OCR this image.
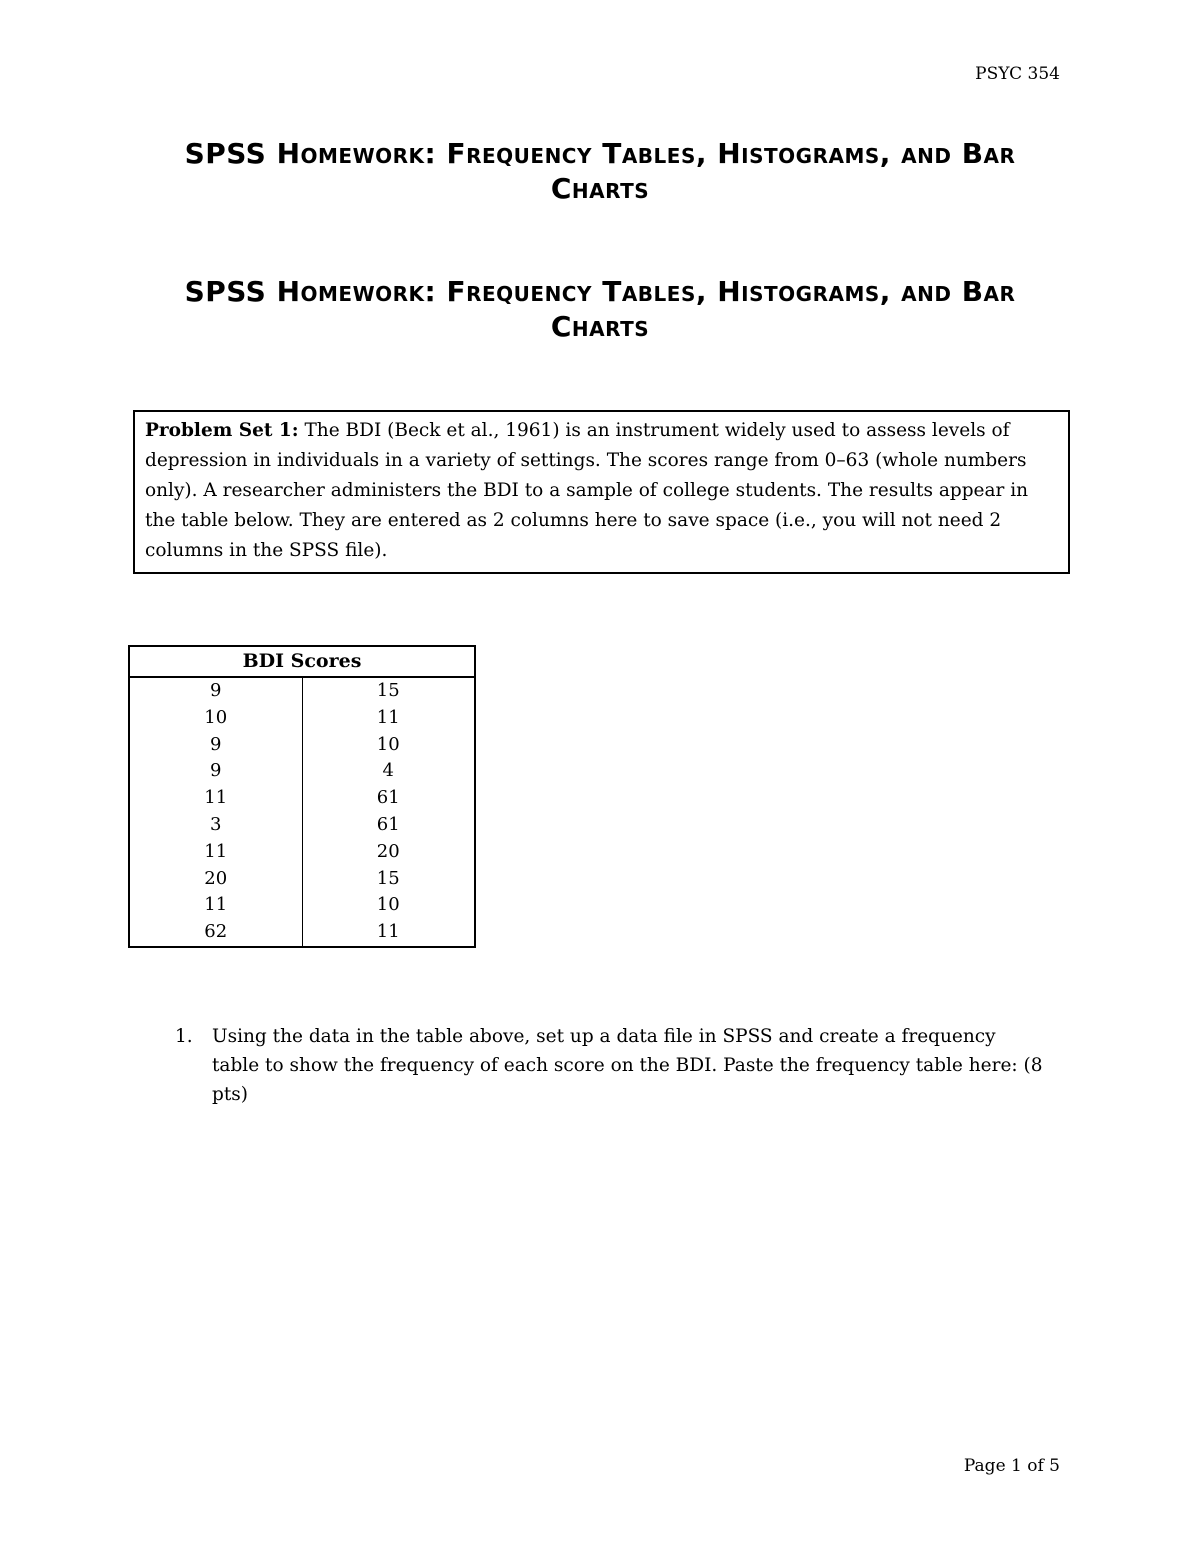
PSYC 354
SPSS Homework: Frequency Tables, Histograms, and Bar
Charts
SPSS Homework: Frequency Tables, Histograms, and Bar
Charts
Problem Set 1: The BDI (Beck et al., 1961) is an instrument widely used to assess levels of depression in individuals in a variety of settings. The scores range from 0–63 (whole numbers only). A researcher administers the BDI to a sample of college students. The results appear in the table below. They are entered as 2 columns here to save space (i.e., you will not need 2 columns in the SPSS file).
BDI Scores	
9	15
10	11
9	10
9	4
11	61
3	61
11	20
20	15
11	10
62	11
1.	Using the data in the table above, set up a data file in SPSS and create a frequency table to show the frequency of each score on the BDI. Paste the frequency table here: (8 pts)
Page 1 of 5
